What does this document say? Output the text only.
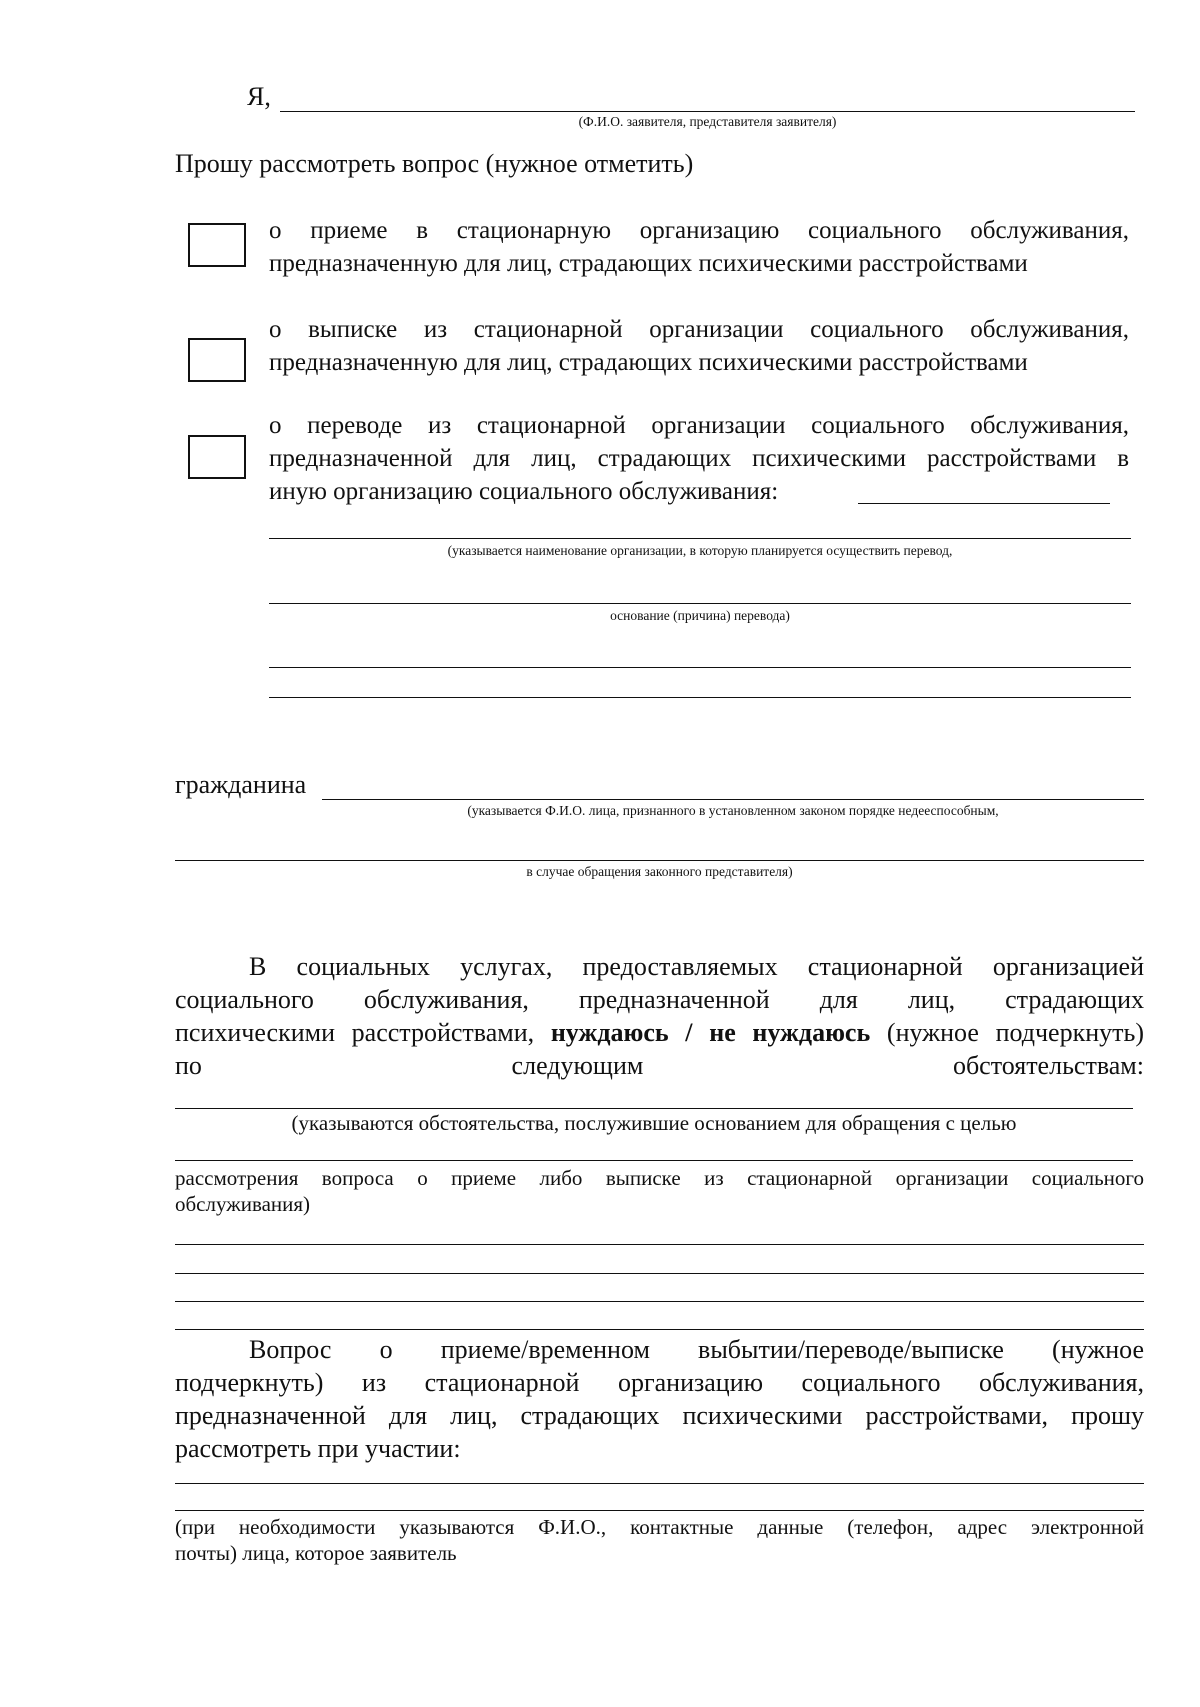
Я,
(Ф.И.О. заявителя, представителя заявителя)
Прошу рассмотреть вопрос (нужное отметить)
о приеме в стационарную организацию социального обслуживания,
предназначенную для лиц, страдающих психическими расстройствами
о выписке из стационарной организации социального обслуживания,
предназначенную для лиц, страдающих психическими расстройствами
о переводе из стационарной организации социального обслуживания,
предназначенной для лиц, страдающих психическими расстройствами в
иную организацию социального обслуживания:
(указывается наименование организации, в которую планируется осуществить перевод,
основание (причина) перевода)
гражданина
(указывается Ф.И.О. лица, признанного в установленном законом порядке недееспособным,
в случае обращения законного представителя)
В социальных услугах, предоставляемых стационарной организацией
социального обслуживания, предназначенной для лиц, страдающих
психическими расстройствами, нуждаюсь / не нуждаюсь (нужное подчеркнуть)
по следующим обстоятельствам:
(указываются обстоятельства, послужившие основанием для обращения с целью
рассмотрения вопроса о приеме либо выписке из стационарной организации социального
обслуживания)
Вопрос о приеме/временном выбытии/переводе/выписке (нужное
подчеркнуть) из стационарной организацию социального обслуживания,
предназначенной для лиц, страдающих психическими расстройствами, прошу
рассмотреть при участии:
(при необходимости указываются Ф.И.О., контактные данные (телефон, адрес электронной
почты) лица, которое заявитель
